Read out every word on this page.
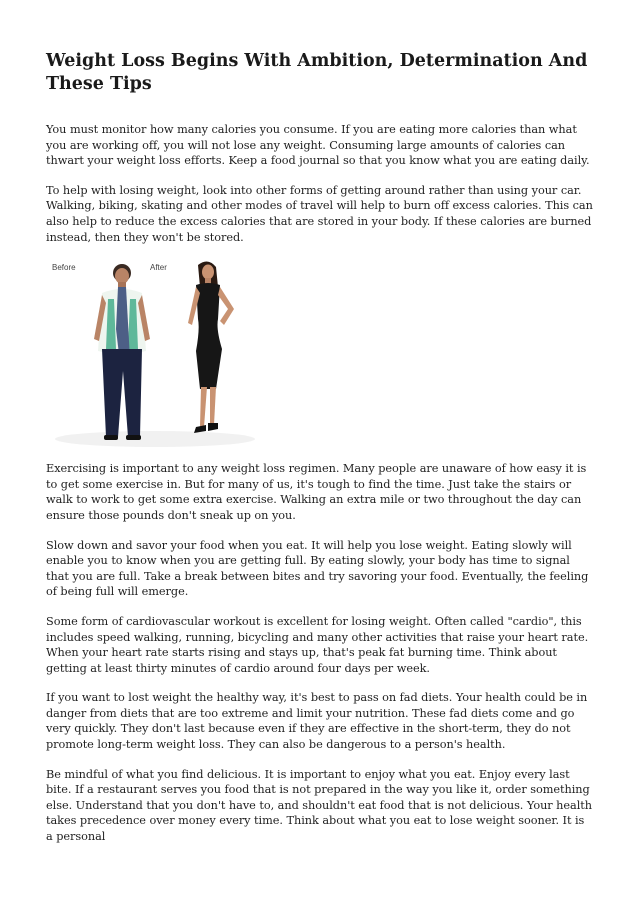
Weight Loss Begins With Ambition, Determination And These Tips

You must monitor how many calories you consume. If you are eating more calories than what you are working off, you will not lose any weight. Consuming large amounts of calories can thwart your weight loss efforts. Keep a food journal so that you know what you are eating daily.

To help with losing weight, look into other forms of getting around rather than using your car. Walking, biking, skating and other modes of travel will help to burn off excess calories. This can also help to reduce the excess calories that are stored in your body. If these calories are burned instead, then they won't be stored.

Before	After

Exercising is important to any weight loss regimen. Many people are unaware of how easy it is to get some exercise in. But for many of us, it's tough to find the time. Just take the stairs or walk to work to get some extra exercise. Walking an extra mile or two throughout the day can ensure those pounds don't sneak up on you.

Slow down and savor your food when you eat. It will help you lose weight. Eating slowly will enable you to know when you are getting full. By eating slowly, your body has time to signal that you are full. Take a break between bites and try savoring your food. Eventually, the feeling of being full will emerge.

Some form of cardiovascular workout is excellent for losing weight. Often called "cardio", this includes speed walking, running, bicycling and many other activities that raise your heart rate. When your heart rate starts rising and stays up, that's peak fat burning time. Think about getting at least thirty minutes of cardio around four days per week.

If you want to lost weight the healthy way, it's best to pass on fad diets. Your health could be in danger from diets that are too extreme and limit your nutrition. These fad diets come and go very quickly. They don't last because even if they are effective in the short-term, they do not promote long-term weight loss. They can also be dangerous to a person's health.

Be mindful of what you find delicious. It is important to enjoy what you eat. Enjoy every last bite. If a restaurant serves you food that is not prepared in the way you like it, order something else. Understand that you don't have to, and shouldn't eat food that is not delicious. Your health takes precedence over money every time. Think about what you eat to lose weight sooner. It is a personal
